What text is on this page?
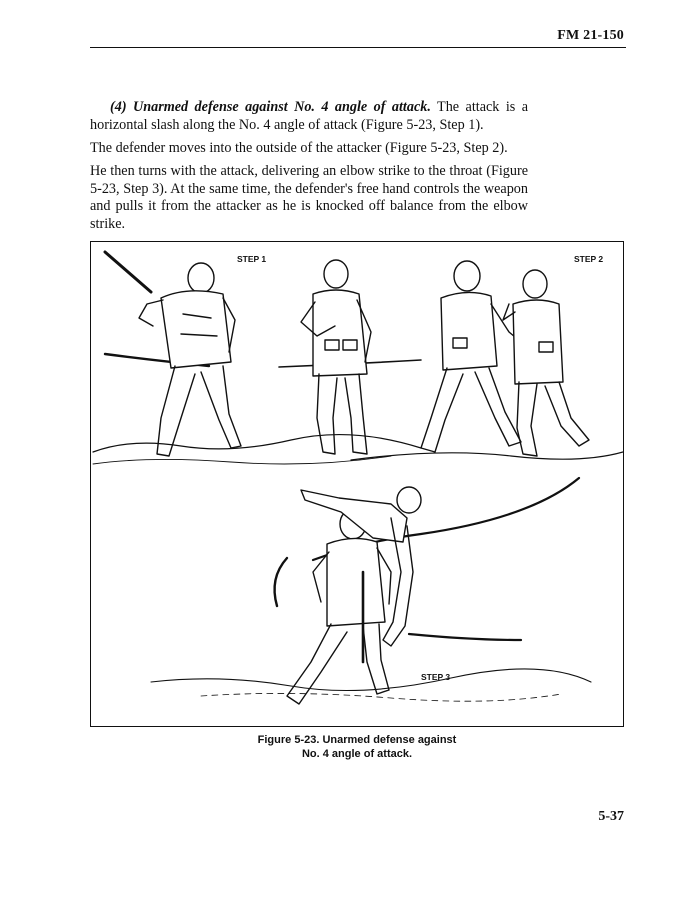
FM 21-150
(4) Unarmed defense against No. 4 angle of attack. The attack is a horizontal slash along the No. 4 angle of attack (Figure 5-23, Step 1).
The defender moves into the outside of the attacker (Figure 5-23, Step 2).
He then turns with the attack, delivering an elbow strike to the throat (Figure 5-23, Step 3). At the same time, the defender's free hand controls the weapon and pulls it from the attacker as he is knocked off balance from the elbow strike.
STEP 1	STEP 2
STEP 3
Figure 5-23. Unarmed defense against
No. 4 angle of attack.
5-37
